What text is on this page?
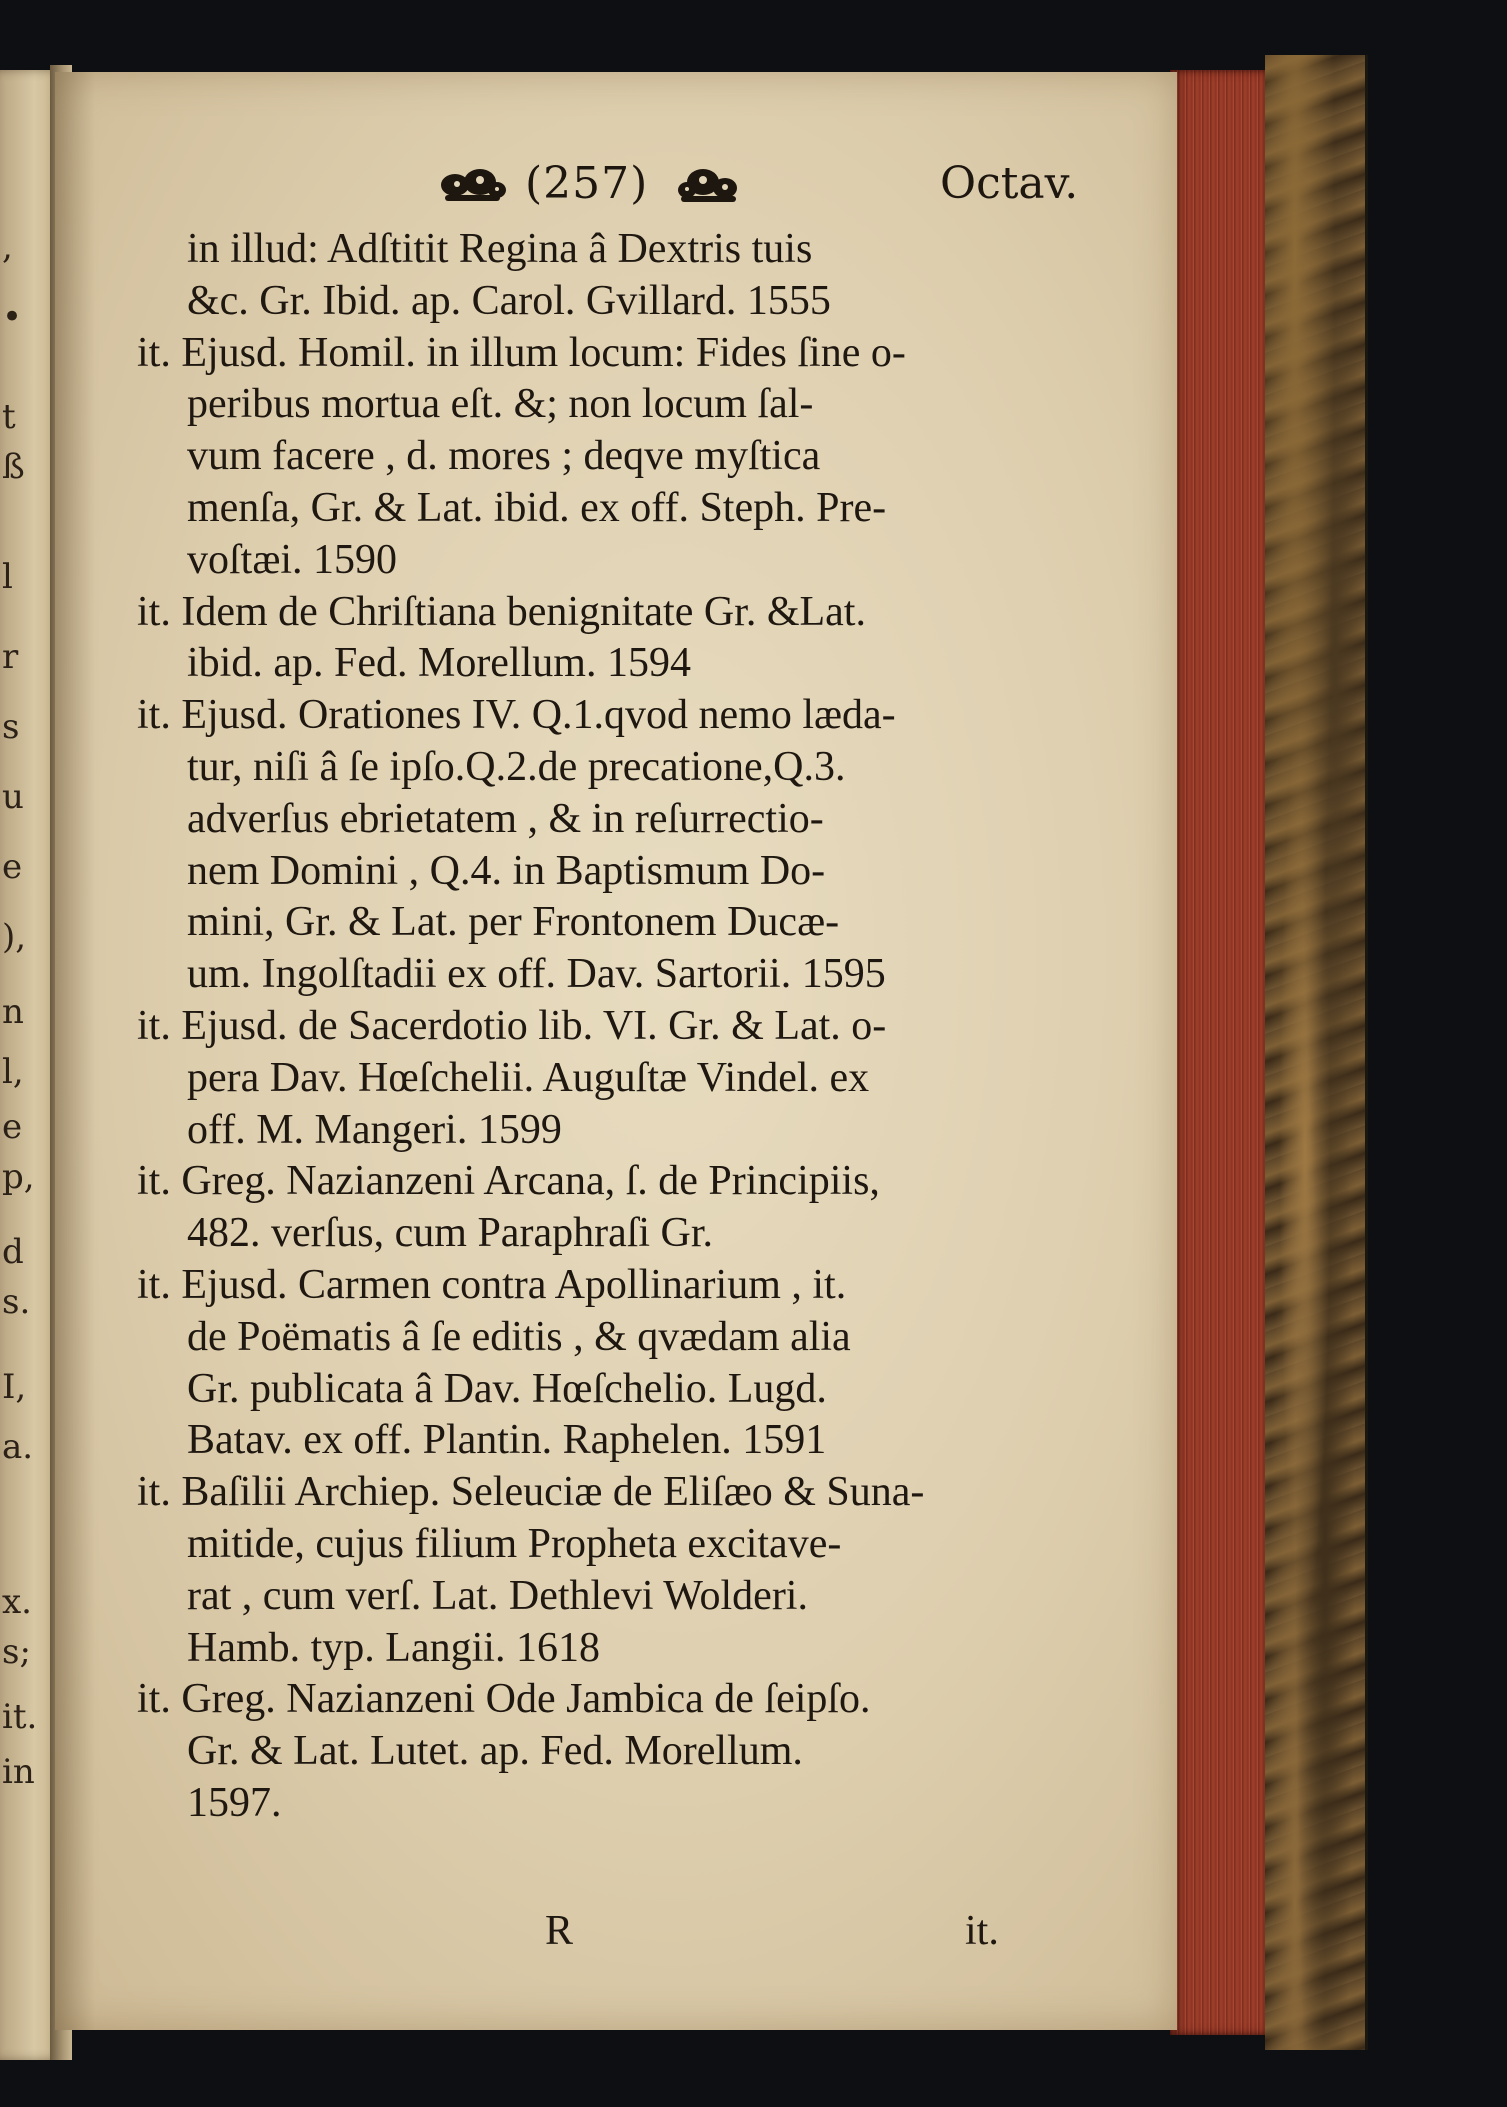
,
•
t
ß
l
r
s
u
e
),
n
l,
e
p,
d
s.
I,
a.
x.
s;
it.
in
(257)	Octav.
in illud: Adſtitit Regina â Dextris tuis
&c. Gr. Ibid. ap. Carol. Gvillard. 1555
it. Ejusd. Homil. in illum locum: Fides ſine o-
peribus mortua eſt. &; non locum ſal-
vum facere , d. mores ; deqve myſtica
menſa, Gr. & Lat. ibid. ex off. Steph. Pre-
voſtæi. 1590
it. Idem de Chriſtiana benignitate Gr. &Lat.
ibid. ap. Fed. Morellum. 1594
it. Ejusd. Orationes IV. Q.1.qvod nemo læda-
tur, niſi â ſe ipſo.Q.2.de precatione,Q.3.
adverſus ebrietatem , & in reſurrectio-
nem Domini , Q.4. in Baptismum Do-
mini, Gr. & Lat. per Frontonem Ducæ-
um. Ingolſtadii ex off. Dav. Sartorii. 1595
it. Ejusd. de Sacerdotio lib. VI. Gr. & Lat. o-
pera Dav. Hœſchelii. Auguſtæ Vindel. ex
off. M. Mangeri. 1599
it. Greg. Nazianzeni Arcana, ſ. de Principiis,
482. verſus, cum Paraphraſi Gr.
it. Ejusd. Carmen contra Apollinarium , it.
de Poëmatis â ſe editis , & qvædam alia
Gr. publicata â Dav. Hœſchelio. Lugd.
Batav. ex off. Plantin. Raphelen. 1591
it. Baſilii Archiep. Seleuciæ de Eliſæo & Suna-
mitide, cujus filium Propheta excitave-
rat , cum verſ. Lat. Dethlevi Wolderi.
Hamb. typ. Langii. 1618
it. Greg. Nazianzeni Ode Jambica de ſeipſo.
Gr. & Lat. Lutet. ap. Fed. Morellum.
1597.
R	it.
